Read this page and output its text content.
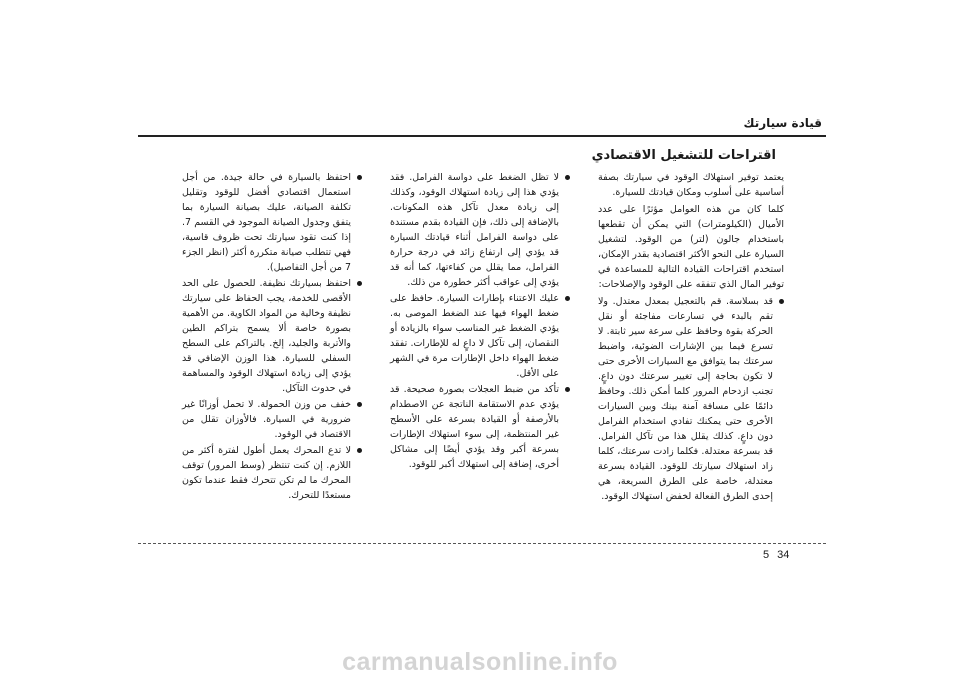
قيادة سيارتك
اقتراحات للتشغيل الاقتصادي

يعتمد توفير استهلاك الوقود في سيارتك بصفة أساسية على أسلوب ومكان قيادتك للسيارة.

كلما كان من هذه العوامل مؤثرًا على عدد الأميال (الكيلومترات) التي يمكن أن تقطعها باستخدام جالون (لتر) من الوقود. لتشغيل السيارة على النحو الأكثر اقتصادية بقدر الإمكان، استخدم اقتراحات القيادة التالية للمساعدة في توفير المال الذي تنفقه على الوقود والإصلاحات:

قد بسلاسة. قم بالتعجيل بمعدل معتدل. ولا تقم بالبدء في تسارعات مفاجئة أو نقل الحركة بقوة وحافظ على سرعة سير ثابتة. لا تسرع فيما بين الإشارات الضوئية، واضبط سرعتك بما يتوافق مع السيارات الأخرى حتى لا تكون بحاجة إلى تغيير سرعتك دون داعٍ. تجنب ازدحام المرور كلما أمكن ذلك. وحافظ دائمًا على مسافة آمنة بينك وبين السيارات الأخرى حتى يمكنك تفادي استخدام الفرامل دون داعٍ. كذلك يقلل هذا من تآكل الفرامل. قد بسرعة معتدلة. فكلما زادت سرعتك، كلما زاد استهلاك سيارتك للوقود. القيادة بسرعة معتدلة، خاصة على الطرق السريعة، هي إحدى الطرق الفعالة لخفض استهلاك الوقود.
لا تظل الضغط على دواسة الفرامل. فقد يؤدي هذا إلى زيادة استهلاك الوقود، وكذلك إلى زيادة معدل تآكل هذه المكونات. بالإضافة إلى ذلك، فإن القيادة بقدم مستندة على دواسة الفرامل أثناء قيادتك السيارة قد يؤدي إلى ارتفاع زائد في درجة حرارة الفرامل، مما يقلل من كفاءتها، كما أنه قد يؤدي إلى عواقب أكثر خطورة من ذلك.
عليك الاعتناء بإطارات السيارة. حافظ على ضغط الهواء فيها عند الضغط الموصى به. يؤدي الضغط غير المناسب سواء بالزيادة أو النقصان، إلى تآكل لا داعٍ له للإطارات. تفقد ضغط الهواء داخل الإطارات مرة في الشهر على الأقل.
تأكد من ضبط العجلات بصورة صحيحة. قد يؤدي عدم الاستقامة الناتجة عن الاصطدام بالأرصفة أو القيادة بسرعة على الأسطح غير المنتظمة، إلى سوء استهلاك الإطارات بسرعة أكبر وقد يؤدي أيضًا إلى مشاكل أخرى، إضافة إلى استهلاك أكبر للوقود.
احتفظ بالسيارة في حالة جيدة. من أجل استعمال اقتصادي أفضل للوقود وتقليل تكلفة الصيانة، عليك بصيانة السيارة بما يتفق وجدول الصيانة الموجود في القسم 7. إذا كنت تقود سيارتك تحت ظروف قاسية، فهي تتطلب صيانة متكررة أكثر (انظر الجزء 7 من أجل التفاصيل).
احتفظ بسيارتك نظيفة. للحصول على الحد الأقصى للخدمة، يجب الحفاظ على سيارتك نظيفة وخالية من المواد الكاوية. من الأهمية بصورة خاصة ألا يسمح بتراكم الطين والأتربة والجليد، إلخ. بالتراكم على السطح السفلي للسيارة. هذا الوزن الإضافي قد يؤدي إلى زيادة استهلاك الوقود والمساهمة في حدوث التآكل.
خفف من وزن الحمولة. لا تحمل أوزانًا غير ضرورية في السيارة. فالأوزان تقلل من الاقتصاد في الوقود.
لا تدع المحرك يعمل أطول لفترة أكثر من اللازم. إن كنت تنتظر (وسط المرور) توقف المحرك ما لم تكن تتحرك فقط عندما تكون مستعدًا للتحرك.
5 34
carmanualsonline.info
